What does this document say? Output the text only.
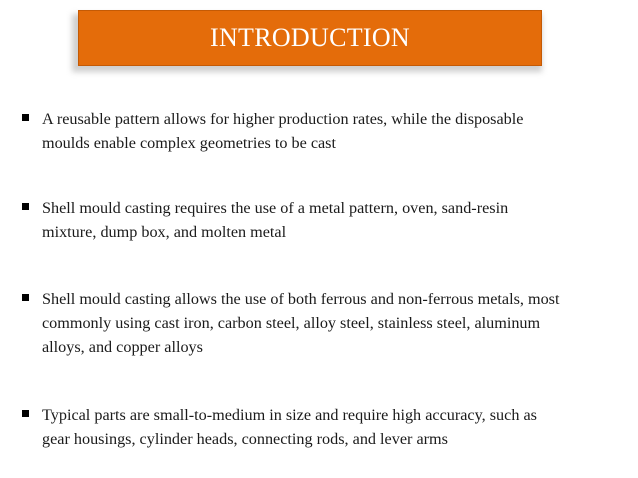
INTRODUCTION
A reusable pattern allows for higher production rates, while the disposable
moulds enable complex geometries to be cast
Shell mould casting requires the use of a metal pattern, oven, sand-resin
mixture, dump box, and molten metal
Shell mould casting allows the use of both ferrous and non-ferrous metals, most
commonly using cast iron, carbon steel, alloy steel, stainless steel, aluminum
alloys, and copper alloys
Typical parts are small-to-medium in size and require high accuracy, such as
gear housings, cylinder heads, connecting rods, and lever arms
